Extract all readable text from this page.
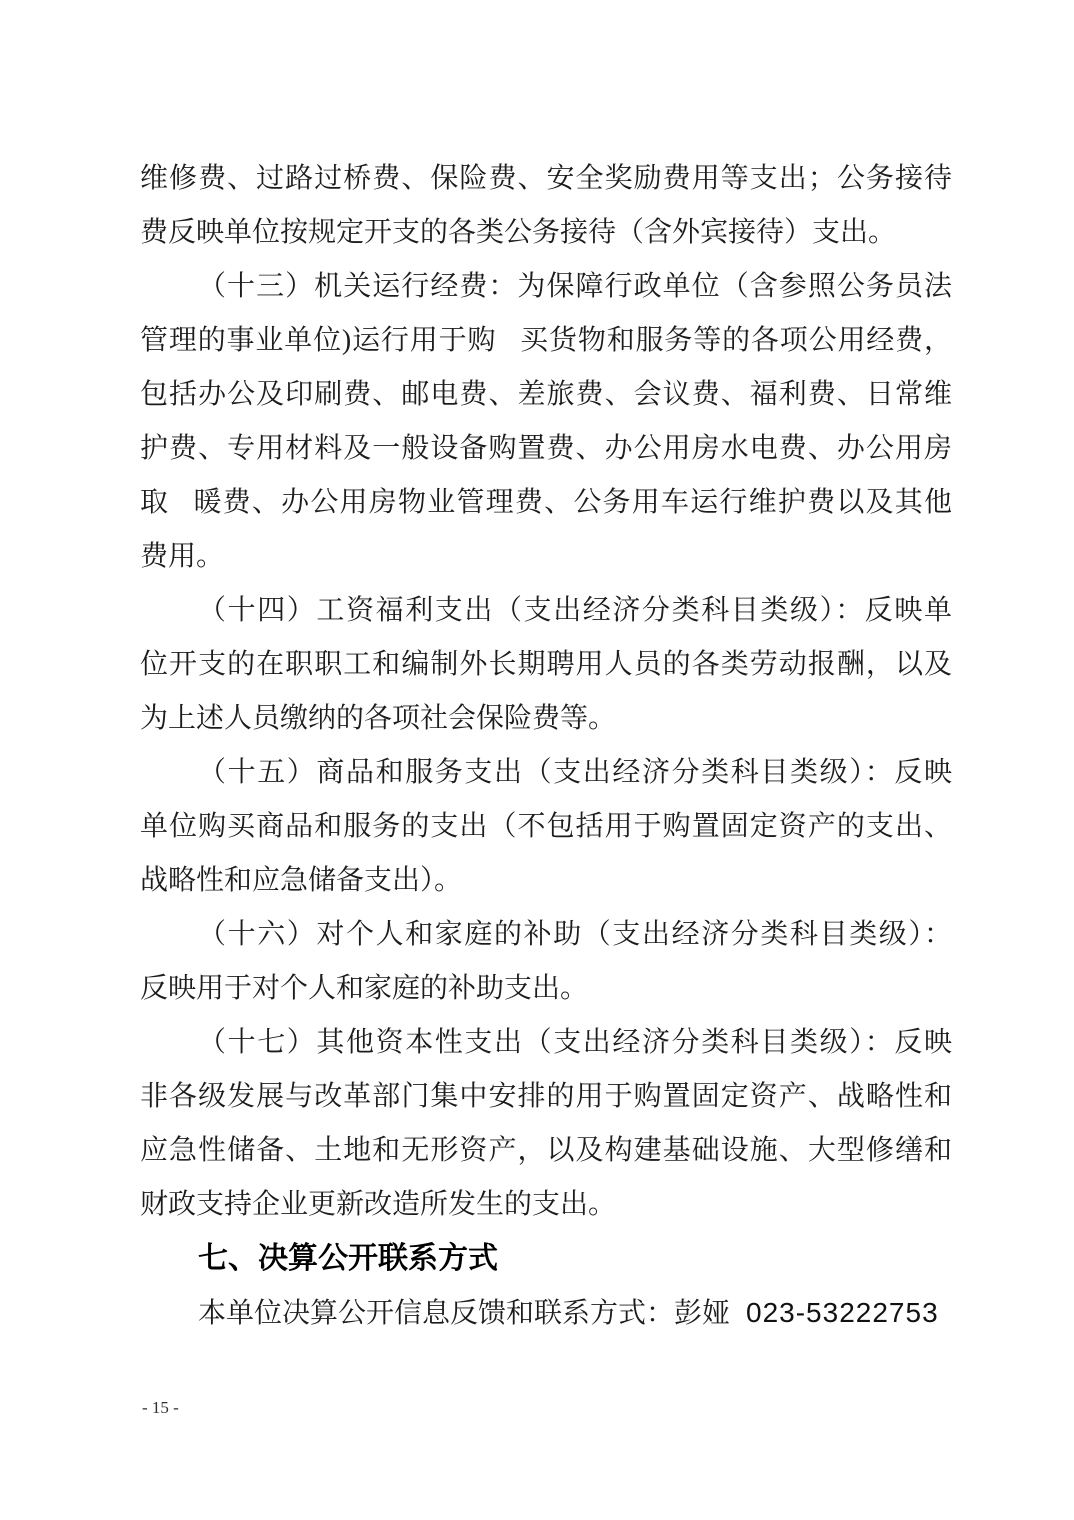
维修费、过路过桥费、保险费、安全奖励费用等支出；公务接待
费反映单位按规定开支的各类公务接待（含外宾接待）支出。
（十三）机关运行经费：为保障行政单位（含参照公务员法
管理的事业单位)运行用于购 买货物和服务等的各项公用经费，
包括办公及印刷费、邮电费、差旅费、会议费、福利费、日常维
护费、专用材料及一般设备购置费、办公用房水电费、办公用房
取 暖费、办公用房物业管理费、公务用车运行维护费以及其他
费用。
（十四）工资福利支出（支出经济分类科目类级）：反映单
位开支的在职职工和编制外长期聘用人员的各类劳动报酬，以及
为上述人员缴纳的各项社会保险费等。
（十五）商品和服务支出（支出经济分类科目类级）：反映
单位购买商品和服务的支出（不包括用于购置固定资产的支出、
战略性和应急储备支出）。
（十六）对个人和家庭的补助（支出经济分类科目类级）：
反映用于对个人和家庭的补助支出。
（十七）其他资本性支出（支出经济分类科目类级）：反映
非各级发展与改革部门集中安排的用于购置固定资产、战略性和
应急性储备、土地和无形资产，以及构建基础设施、大型修缮和
财政支持企业更新改造所发生的支出。
七、决算公开联系方式
本单位决算公开信息反馈和联系方式：彭娅 023-53222753
- 15 -
